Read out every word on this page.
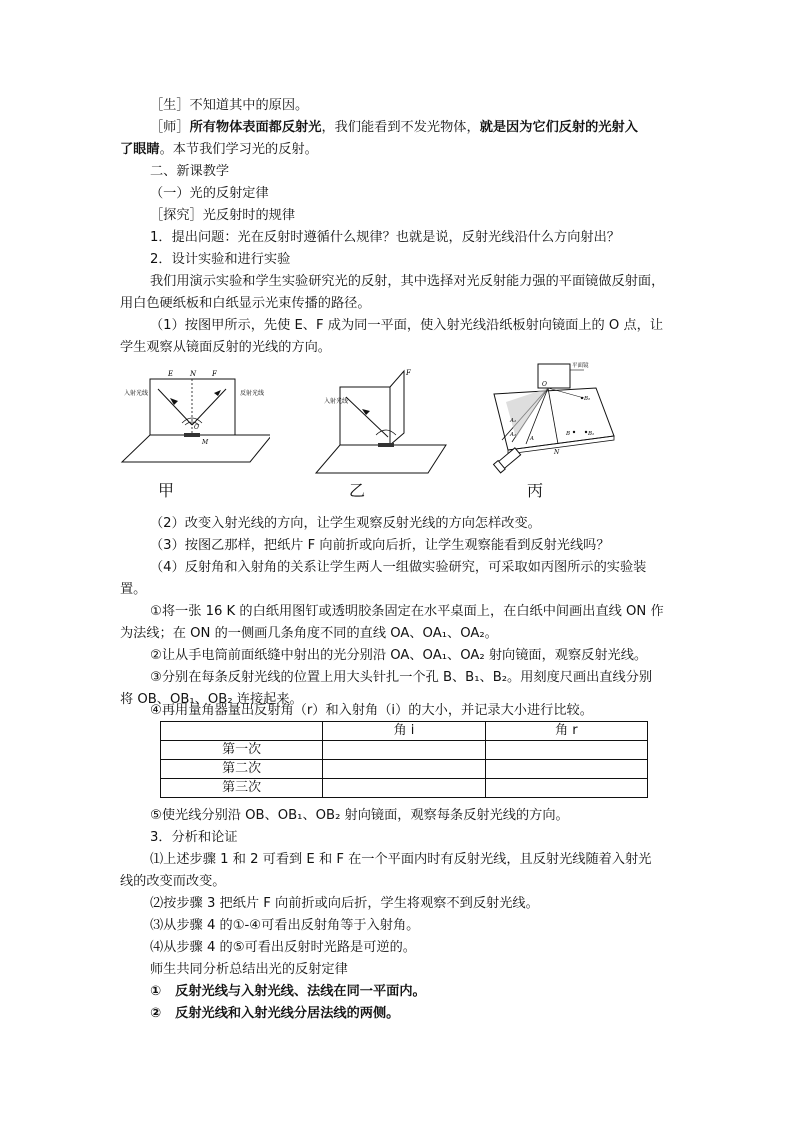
［生］不知道其中的原因。
［师］所有物体表面都反射光，我们能看到不发光物体，就是因为它们反射的光射入
了眼睛。本节我们学习光的反射。
二、新课教学
（一）光的反射定律
［探究］光反射时的规律
1．提出问题：光在反射时遵循什么规律？也就是说，反射光线沿什么方向射出？
2．设计实验和进行实验
我们用演示实验和学生实验研究光的反射，其中选择对光反射能力强的平面镜做反射面，
用白色硬纸板和白纸显示光束传播的路径。
（1）按图甲所示，先使 E、F 成为同一平面，使入射光线沿纸板射向镜面上的 O 点，让
学生观察从镜面反射的光线的方向。
E N F
O
M
入射光线	反射光线
甲
F
入射光线
乙
平面镜
O
N
A
A₁
A₂	B	B₁
B₂
丙
（2）改变入射光线的方向，让学生观察反射光线的方向怎样改变。
（3）按图乙那样，把纸片 F 向前折或向后折，让学生观察能看到反射光线吗？
（4）反射角和入射角的关系让学生两人一组做实验研究，可采取如丙图所示的实验装
置。
①将一张 16 K 的白纸用图钉或透明胶条固定在水平桌面上，在白纸中间画出直线 ON 作
为法线；在 ON 的一侧画几条角度不同的直线 OA、OA₁、OA₂。
②让从手电筒前面纸缝中射出的光分别沿 OA、OA₁、OA₂ 射向镜面，观察反射光线。
③分别在每条反射光线的位置上用大头针扎一个孔 B、B₁、B₂。用刻度尺画出直线分别
将 OB、OB₁、OB₂ 连接起来。
④再用量角器量出反射角（r）和入射角（i）的大小，并记录大小进行比较。
	角 i	角 r
第一次		
第二次		
第三次		
⑤使光线分别沿 OB、OB₁、OB₂ 射向镜面，观察每条反射光线的方向。
3．分析和论证
⑴上述步骤 1 和 2 可看到 E 和 F 在一个平面内时有反射光线，且反射光线随着入射光
线的改变而改变。
⑵按步骤 3 把纸片 F 向前折或向后折，学生将观察不到反射光线。
⑶从步骤 4 的①-④可看出反射角等于入射角。
⑷从步骤 4 的⑤可看出反射时光路是可逆的。
师生共同分析总结出光的反射定律
① 反射光线与入射光线、法线在同一平面内。
② 反射光线和入射光线分居法线的两侧。
